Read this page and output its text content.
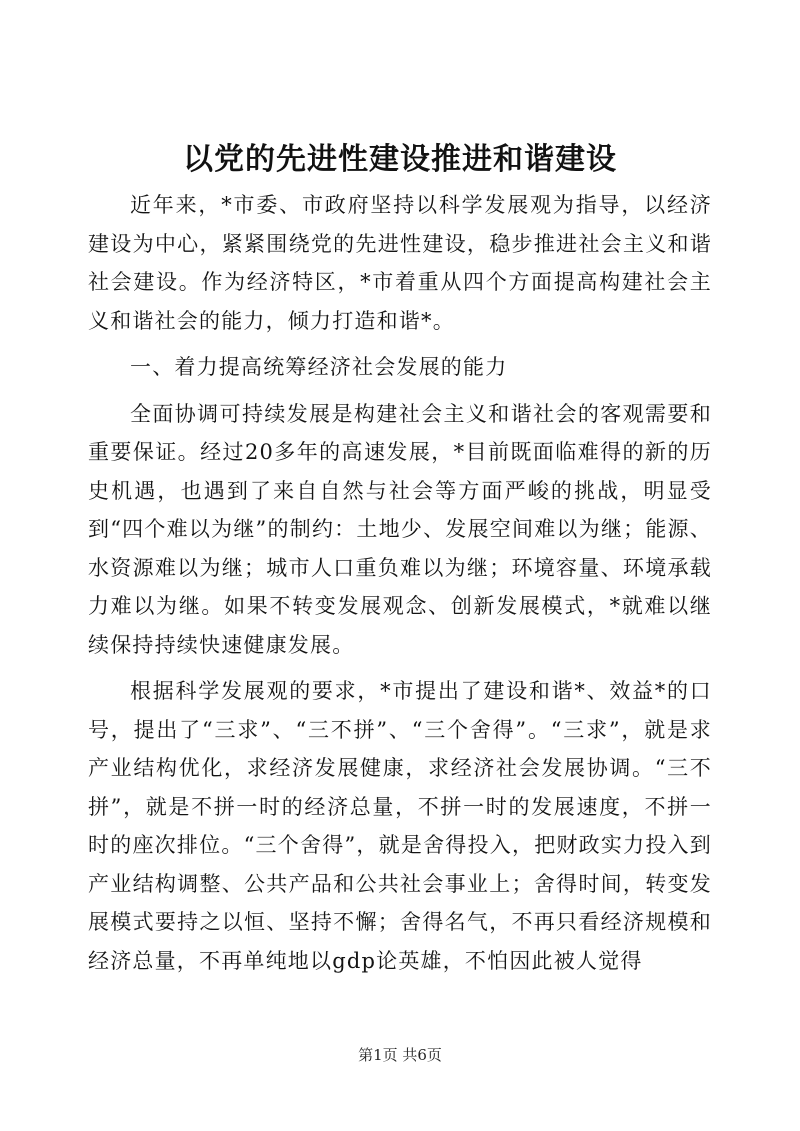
以党的先进性建设推进和谐建设

近年来，*市委、市政府坚持以科学发展观为指导，以经济建设为中心，紧紧围绕党的先进性建设，稳步推进社会主义和谐社会建设。作为经济特区，*市着重从四个方面提高构建社会主义和谐社会的能力，倾力打造和谐*。

一、着力提高统筹经济社会发展的能力

全面协调可持续发展是构建社会主义和谐社会的客观需要和重要保证。经过20多年的高速发展，*目前既面临难得的新的历史机遇，也遇到了来自自然与社会等方面严峻的挑战，明显受到“四个难以为继”的制约：土地少、发展空间难以为继；能源、水资源难以为继；城市人口重负难以为继；环境容量、环境承载力难以为继。如果不转变发展观念、创新发展模式，*就难以继续保持持续快速健康发展。

根据科学发展观的要求，*市提出了建设和谐*、效益*的口号，提出了“三求”、“三不拼”、“三个舍得”。“三求”，就是求产业结构优化，求经济发展健康，求经济社会发展协调。“三不拼”，就是不拼一时的经济总量，不拼一时的发展速度，不拼一时的座次排位。“三个舍得”，就是舍得投入，把财政实力投入到产业结构调整、公共产品和公共社会事业上；舍得时间，转变发展模式要持之以恒、坚持不懈；舍得名气，不再只看经济规模和经济总量，不再单纯地以gdp论英雄，不怕因此被人觉得

第1页 共6页
